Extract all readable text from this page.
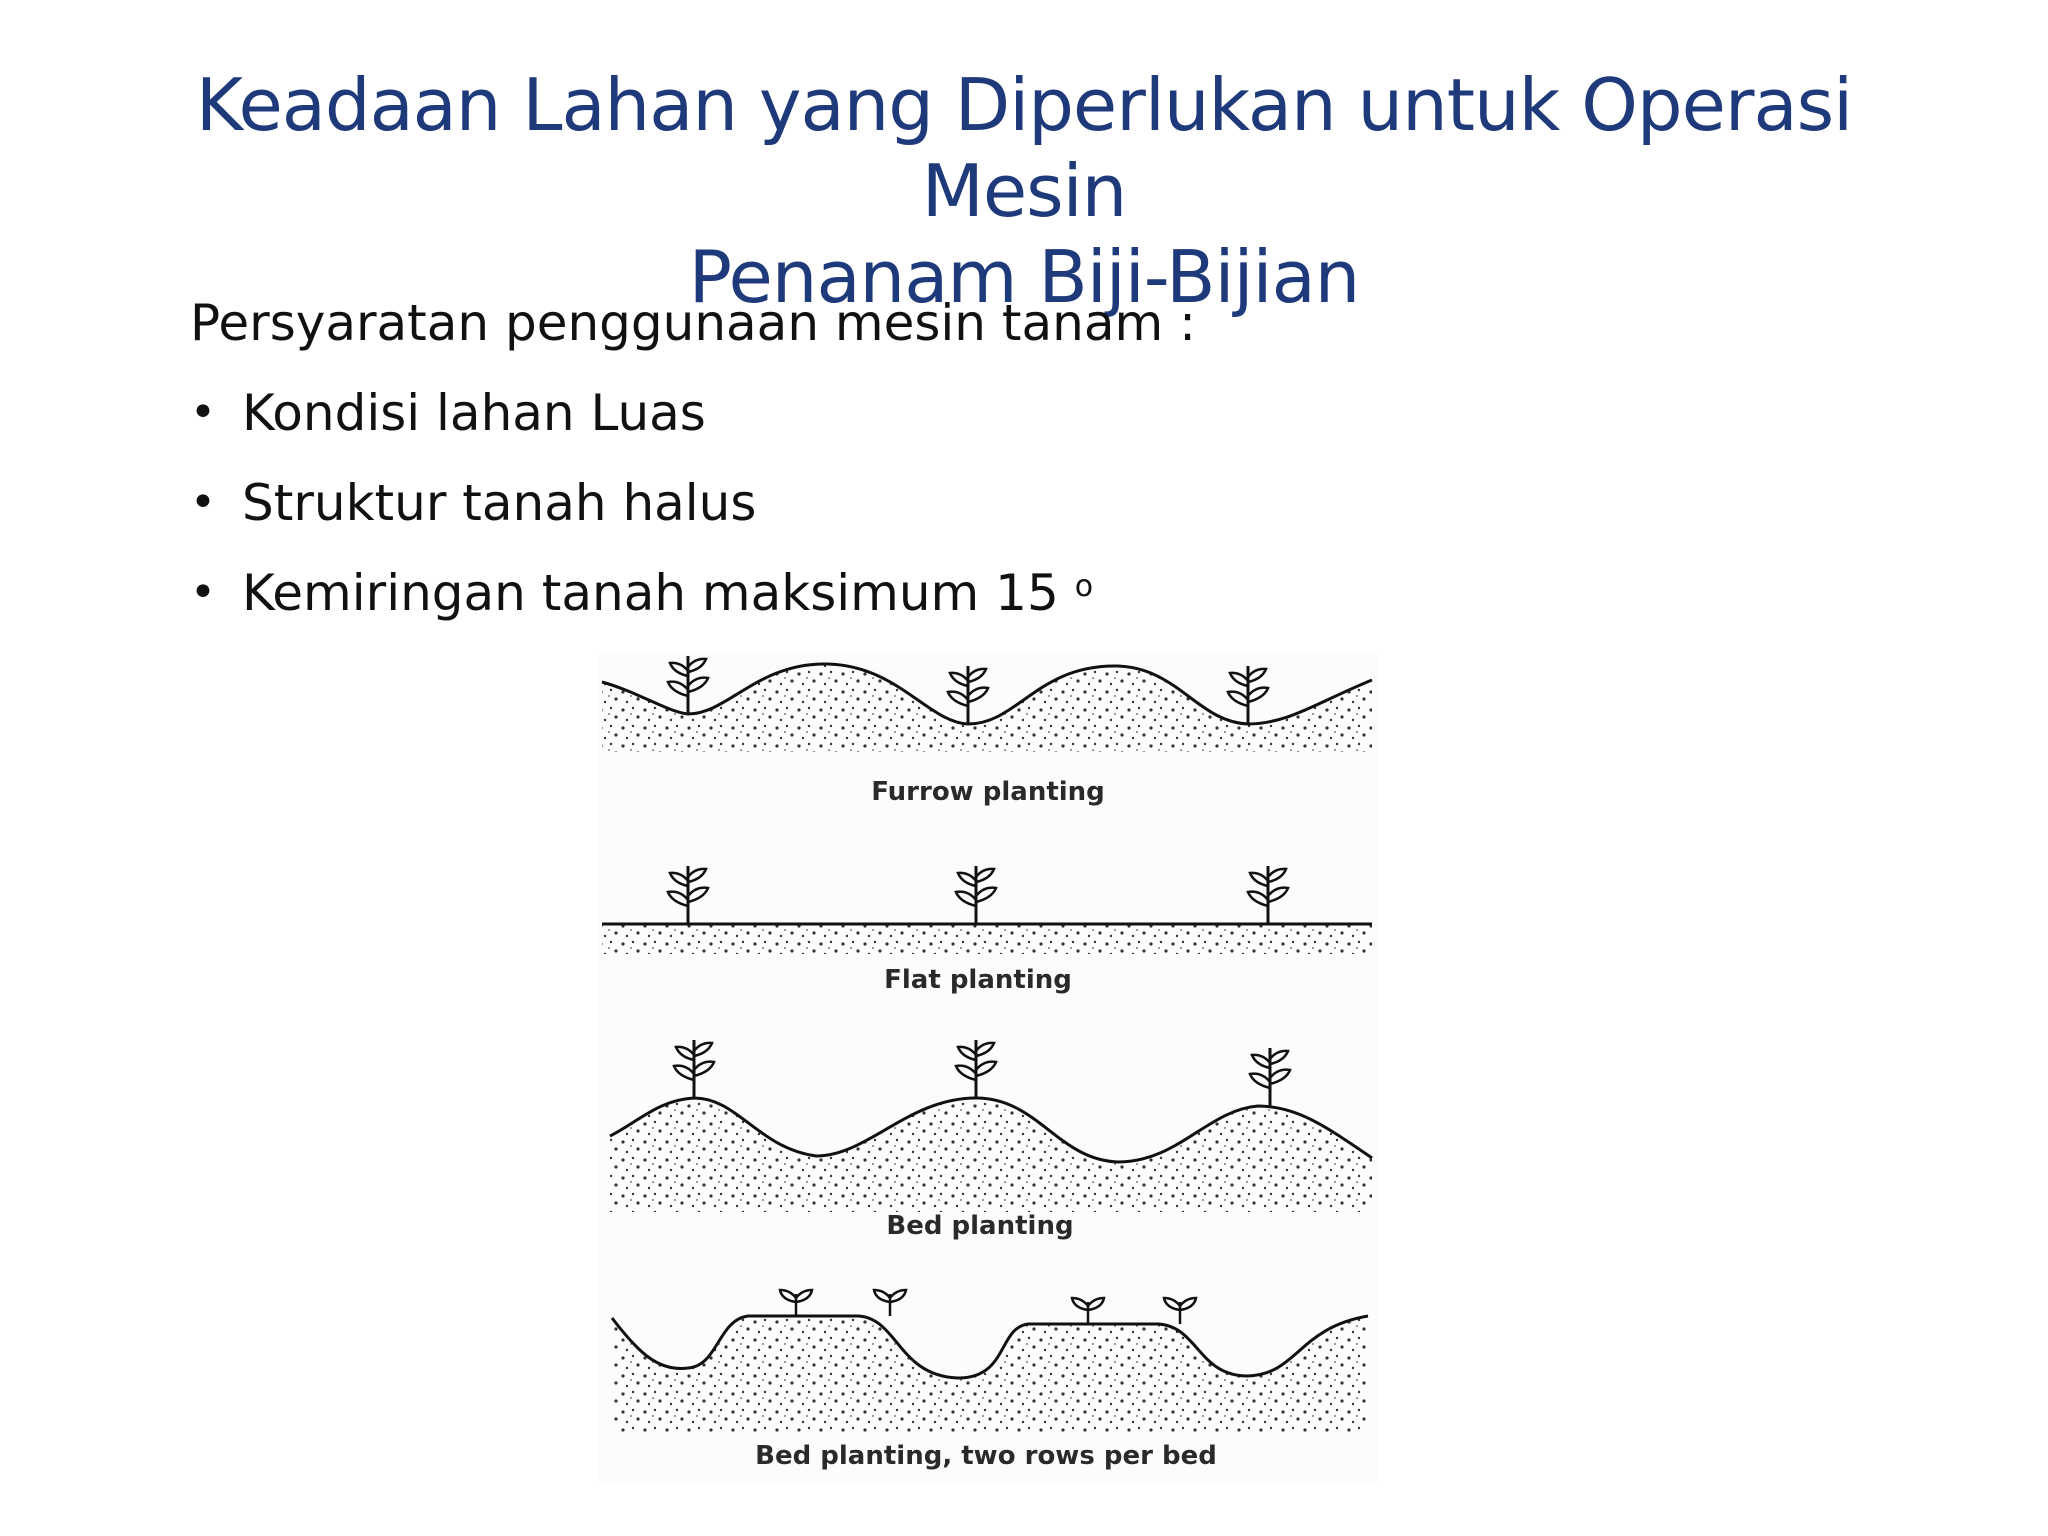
Keadaan Lahan yang Diperlukan untuk Operasi Mesin
Penanam Biji-Bijian
Persyaratan penggunaan mesin tanam :
• Kondisi lahan Luas
• Struktur tanah halus
• Kemiringan tanah maksimum 15 $^o$
Furrow planting
Flat planting
Bed planting
Bed planting, two rows per bed
